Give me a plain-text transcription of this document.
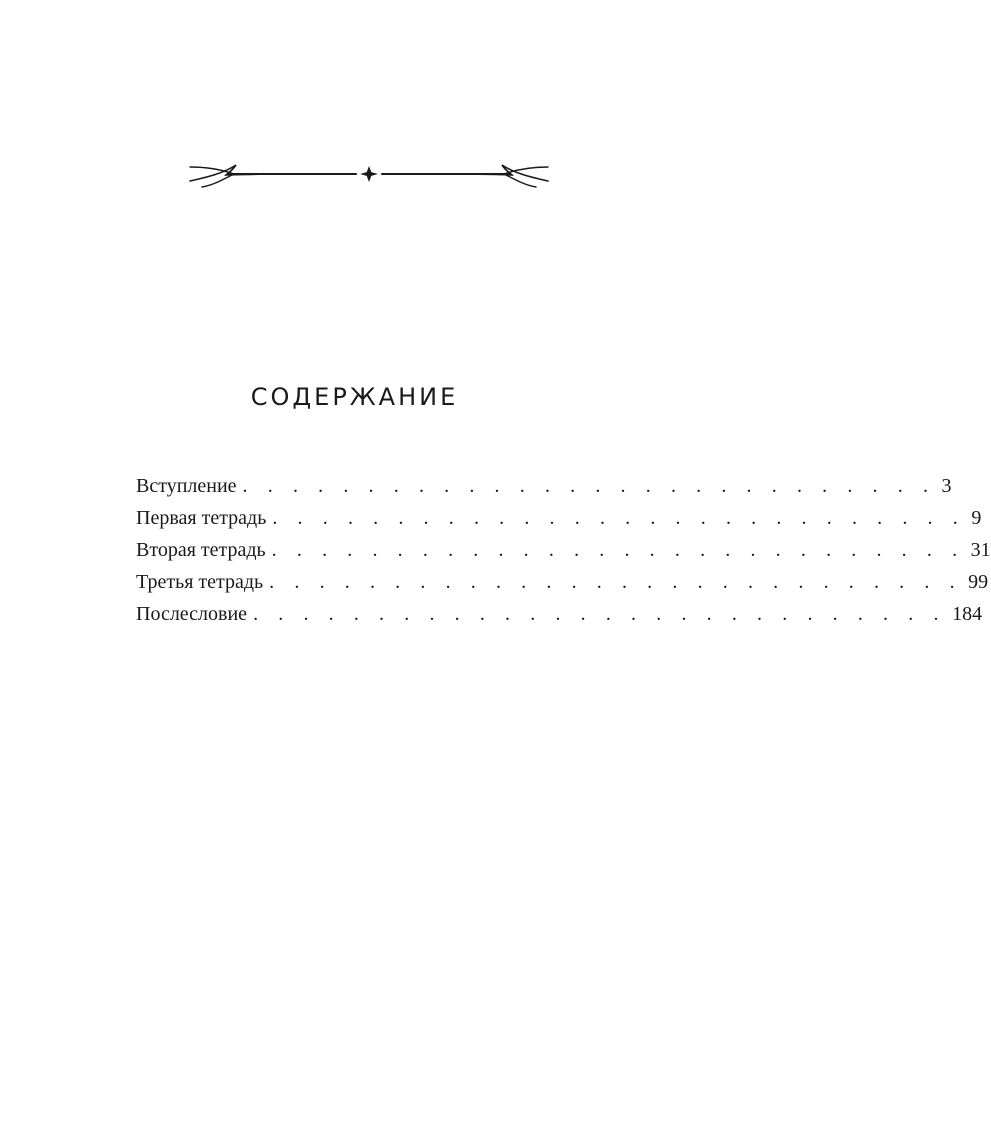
СОДЕРЖАНИЕ
Вступление . . . . . . . . . . . . . . . . . . . . . . . . . . . . 3
Первая тетрадь . . . . . . . . . . . . . . . . . . . . . . . . . . . . 9
Вторая тетрадь . . . . . . . . . . . . . . . . . . . . . . . . . . . . 31
Третья тетрадь . . . . . . . . . . . . . . . . . . . . . . . . . . . . 99
Послесловие . . . . . . . . . . . . . . . . . . . . . . . . . . . . 184
